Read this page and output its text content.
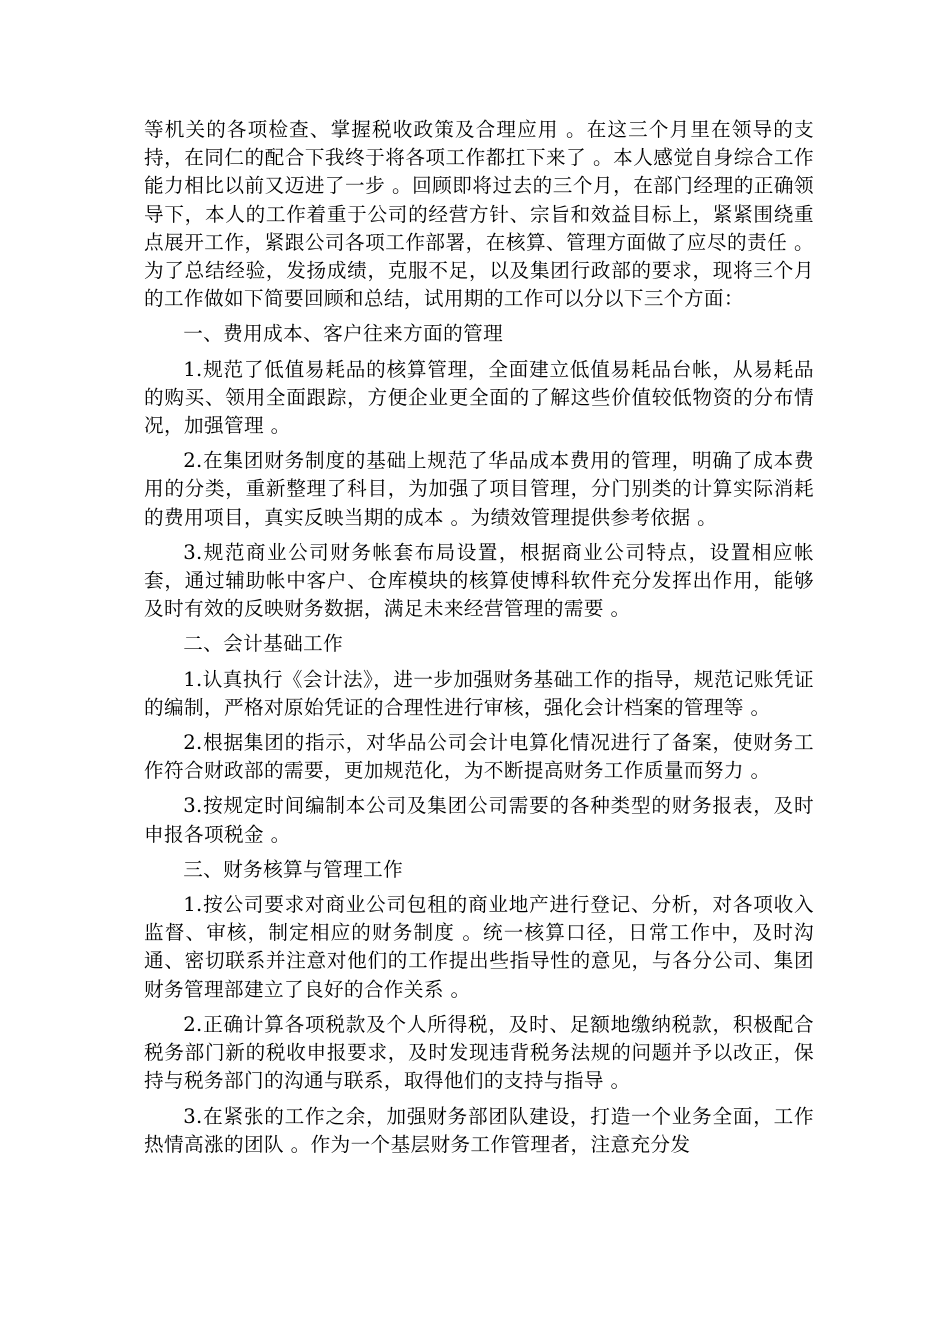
等机关的各项检查、掌握税收政策及合理应用 。在这三个月里在领导的支持，在同仁的配合下我终于将各项工作都扛下来了 。本人感觉自身综合工作能力相比以前又迈进了一步 。回顾即将过去的三个月，在部门经理的正确领导下，本人的工作着重于公司的经营方针、宗旨和效益目标上，紧紧围绕重点展开工作，紧跟公司各项工作部署，在核算、管理方面做了应尽的责任 。为了总结经验，发扬成绩，克服不足，以及集团行政部的要求，现将三个月的工作做如下简要回顾和总结，试用期的工作可以分以下三个方面：

一、费用成本、客户往来方面的管理

1.规范了低值易耗品的核算管理，全面建立低值易耗品台帐，从易耗品的购买、领用全面跟踪，方便企业更全面的了解这些价值较低物资的分布情况，加强管理 。

2.在集团财务制度的基础上规范了华品成本费用的管理，明确了成本费用的分类，重新整理了科目，为加强了项目管理，分门别类的计算实际消耗的费用项目，真实反映当期的成本 。为绩效管理提供参考依据 。

3.规范商业公司财务帐套布局设置，根据商业公司特点，设置相应帐套，通过辅助帐中客户、仓库模块的核算使博科软件充分发挥出作用，能够及时有效的反映财务数据，满足未来经营管理的需要 。

二、会计基础工作

1.认真执行《会计法》，进一步加强财务基础工作的指导，规范记账凭证的编制，严格对原始凭证的合理性进行审核，强化会计档案的管理等 。

2.根据集团的指示，对华品公司会计电算化情况进行了备案，使财务工作符合财政部的需要，更加规范化，为不断提高财务工作质量而努力 。

3.按规定时间编制本公司及集团公司需要的各种类型的财务报表，及时申报各项税金 。

三、财务核算与管理工作

1.按公司要求对商业公司包租的商业地产进行登记、分析，对各项收入监督、审核，制定相应的财务制度 。统一核算口径，日常工作中，及时沟通、密切联系并注意对他们的工作提出些指导性的意见，与各分公司、集团财务管理部建立了良好的合作关系 。

2.正确计算各项税款及个人所得税，及时、足额地缴纳税款，积极配合税务部门新的税收申报要求，及时发现违背税务法规的问题并予以改正，保持与税务部门的沟通与联系，取得他们的支持与指导 。

3.在紧张的工作之余，加强财务部团队建设，打造一个业务全面，工作热情高涨的团队 。作为一个基层财务工作管理者，注意充分发
